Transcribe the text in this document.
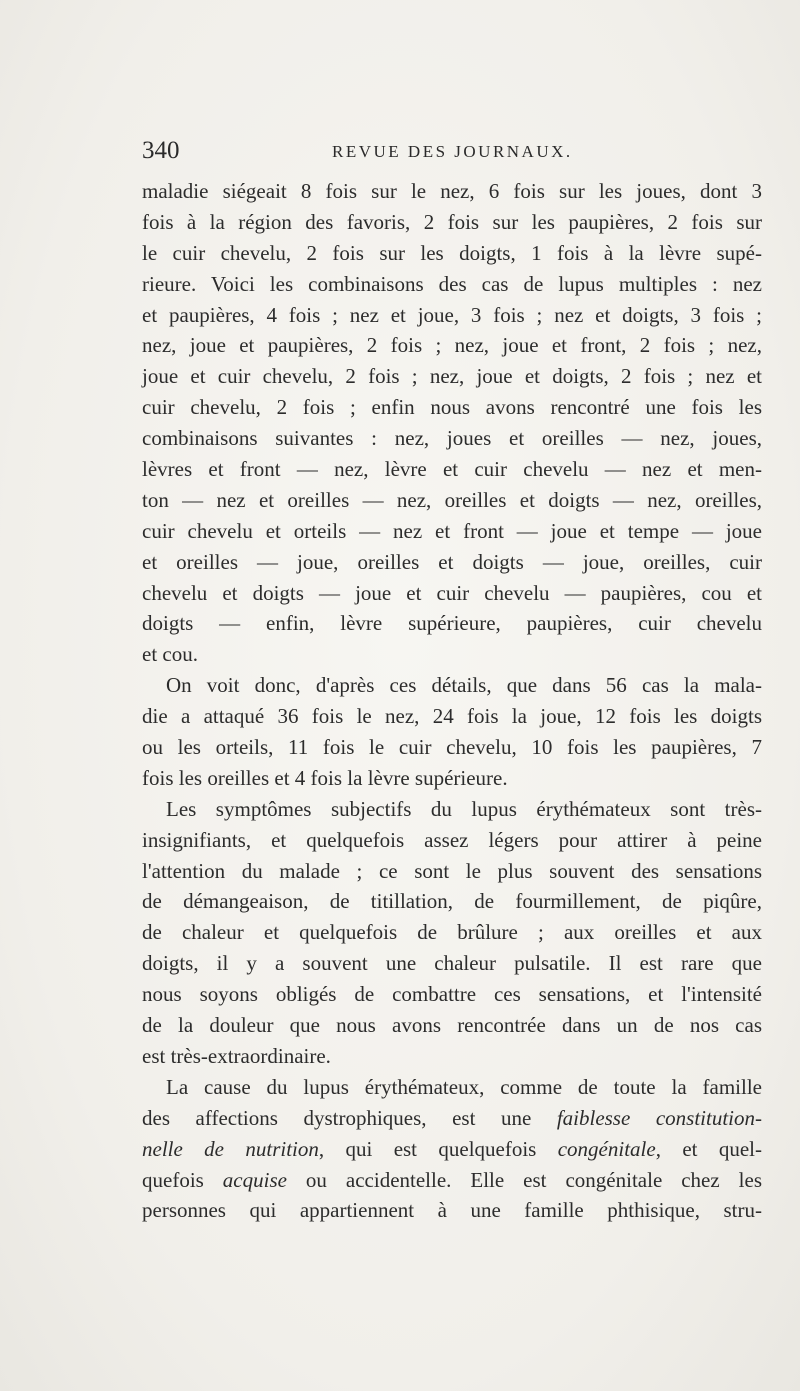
340	REVUE DES JOURNAUX.
maladie siégeait 8 fois sur le nez, 6 fois sur les joues, dont 3
fois à la région des favoris, 2 fois sur les paupières, 2 fois sur
le cuir chevelu, 2 fois sur les doigts, 1 fois à la lèvre supé-
rieure. Voici les combinaisons des cas de lupus multiples : nez
et paupières, 4 fois ; nez et joue, 3 fois ; nez et doigts, 3 fois ;
nez, joue et paupières, 2 fois ; nez, joue et front, 2 fois ; nez,
joue et cuir chevelu, 2 fois ; nez, joue et doigts, 2 fois ; nez et
cuir chevelu, 2 fois ; enfin nous avons rencontré une fois les
combinaisons suivantes : nez, joues et oreilles — nez, joues,
lèvres et front — nez, lèvre et cuir chevelu — nez et men-
ton — nez et oreilles — nez, oreilles et doigts — nez, oreilles,
cuir chevelu et orteils — nez et front — joue et tempe — joue
et oreilles — joue, oreilles et doigts — joue, oreilles, cuir
chevelu et doigts — joue et cuir chevelu — paupières, cou et
doigts — enfin, lèvre supérieure, paupières, cuir chevelu
et cou.
On voit donc, d'après ces détails, que dans 56 cas la mala-
die a attaqué 36 fois le nez, 24 fois la joue, 12 fois les doigts
ou les orteils, 11 fois le cuir chevelu, 10 fois les paupières, 7
fois les oreilles et 4 fois la lèvre supérieure.
Les symptômes subjectifs du lupus érythémateux sont très-
insignifiants, et quelquefois assez légers pour attirer à peine
l'attention du malade ; ce sont le plus souvent des sensations
de démangeaison, de titillation, de fourmillement, de piqûre,
de chaleur et quelquefois de brûlure ; aux oreilles et aux
doigts, il y a souvent une chaleur pulsatile. Il est rare que
nous soyons obligés de combattre ces sensations, et l'intensité
de la douleur que nous avons rencontrée dans un de nos cas
est très-extraordinaire.
La cause du lupus érythémateux, comme de toute la famille
des affections dystrophiques, est une faiblesse constitution-
nelle de nutrition, qui est quelquefois congénitale, et quel-
quefois acquise ou accidentelle. Elle est congénitale chez les
personnes qui appartiennent à une famille phthisique, stru-
